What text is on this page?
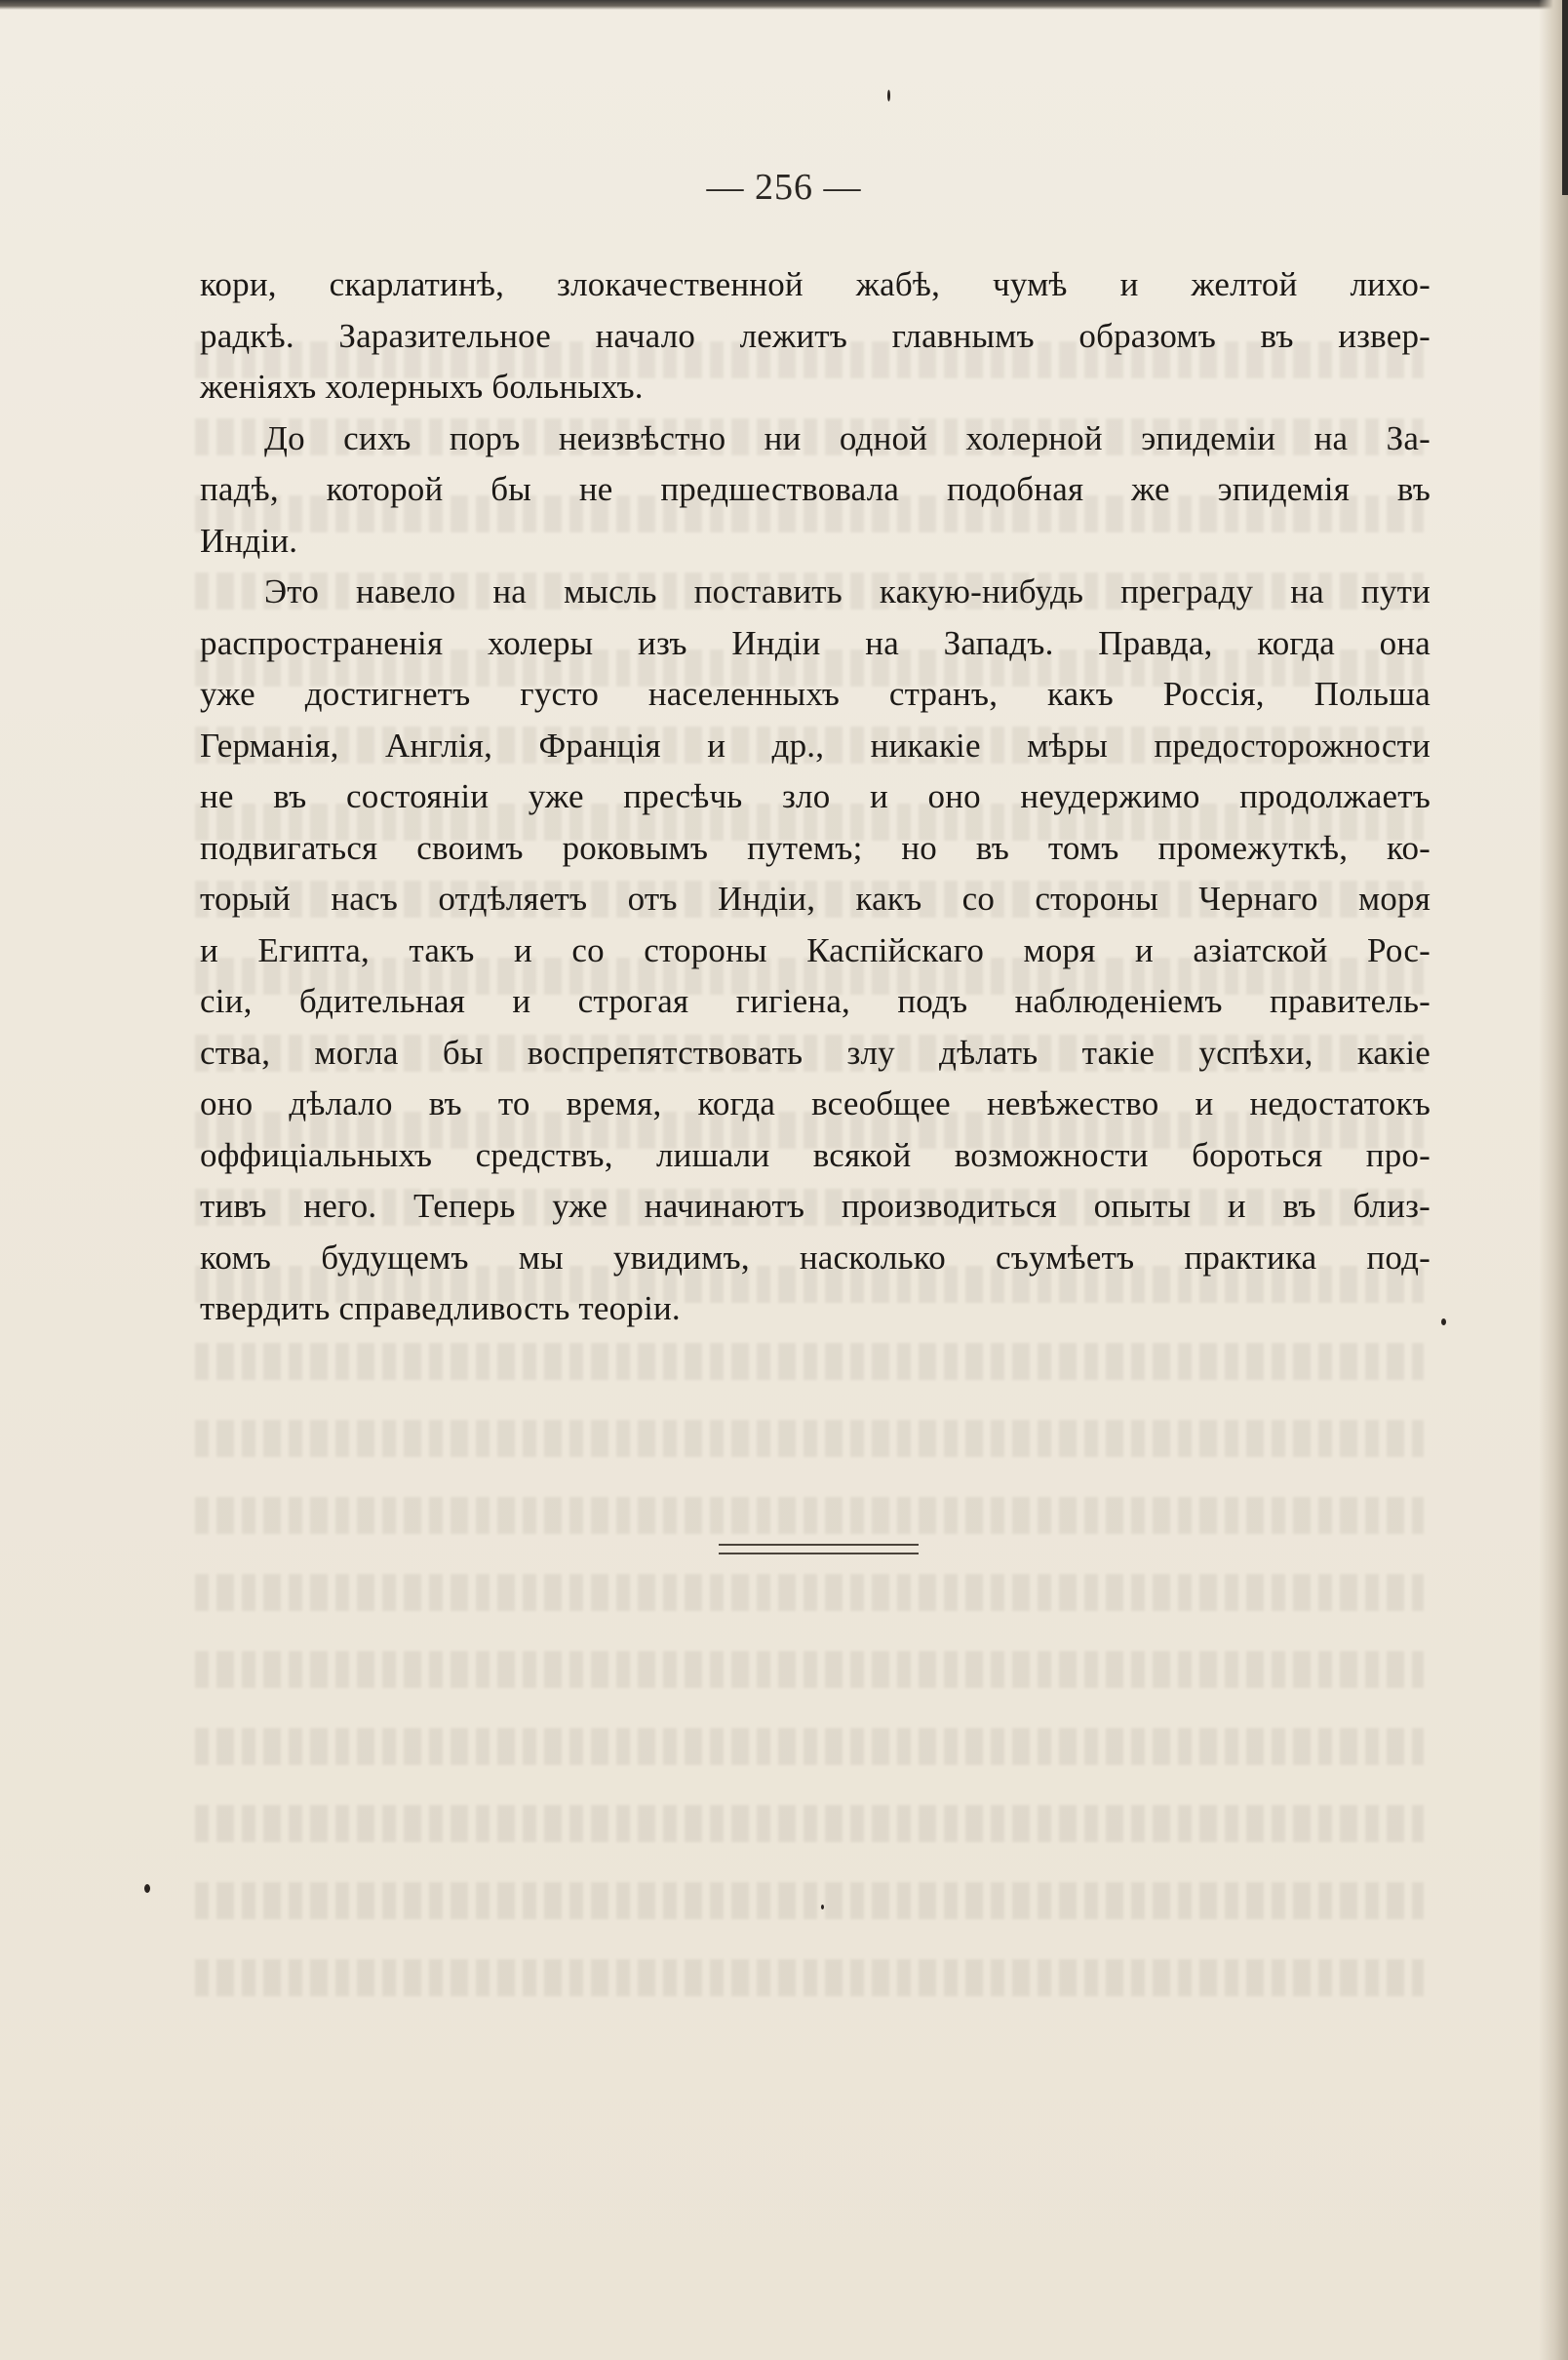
— 256 —
кори, скарлатинѣ, злокачественной жабѣ, чумѣ и желтой лихо-
радкѣ. Заразительное начало лежитъ главнымъ образомъ въ извер-
женіяхъ холерныхъ больныхъ.
До сихъ поръ неизвѣстно ни одной холерной эпидеміи на За-
падѣ, которой бы не предшествовала подобная же эпидемія въ
Индіи.
Это навело на мысль поставить какую-нибудь преграду на пути
распространенія холеры изъ Индіи на Западъ. Правда, когда она
уже достигнетъ густо населенныхъ странъ, какъ Россія, Польша
Германія, Англія, Франція и др., никакіе мѣры предосторожности
не въ состояніи уже пресѣчь зло и оно неудержимо продолжаетъ
подвигаться своимъ роковымъ путемъ; но въ томъ промежуткѣ, ко-
торый насъ отдѣляетъ отъ Индіи, какъ со стороны Чернаго моря
и Египта, такъ и со стороны Каспійскаго моря и азіатской Рос-
сіи, бдительная и строгая гигіена, подъ наблюденіемъ правитель-
ства, могла бы воспрепятствовать злу дѣлать такіе успѣхи, какіе
оно дѣлало въ то время, когда всеобщее невѣжество и недостатокъ
оффиціальныхъ средствъ, лишали всякой возможности бороться про-
тивъ него. Теперь уже начинаютъ производиться опыты и въ близ-
комъ будущемъ мы увидимъ, насколько съумѣетъ практика под-
твердить справедливость теоріи.
